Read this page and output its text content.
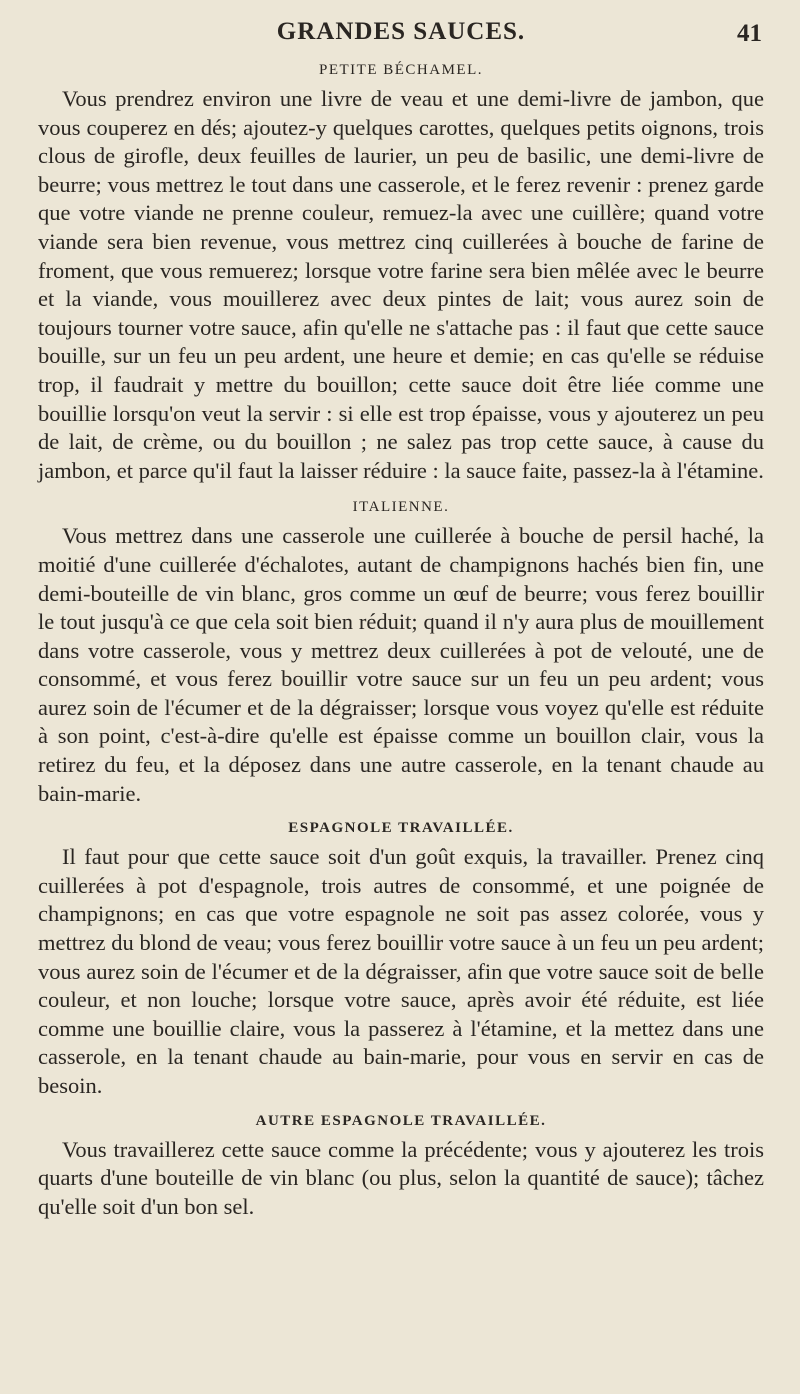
GRANDES SAUCES.	41
PETITE BÉCHAMEL.

Vous prendrez environ une livre de veau et une demi-livre de jambon, que vous couperez en dés; ajoutez-y quelques carottes, quelques petits oignons, trois clous de girofle, deux feuilles de laurier, un peu de basilic, une demi-livre de beurre; vous mettrez le tout dans une casserole, et le ferez revenir : prenez garde que votre viande ne prenne couleur, remuez-la avec une cuillère; quand votre viande sera bien revenue, vous mettrez cinq cuillerées à bouche de farine de froment, que vous remuerez; lorsque votre farine sera bien mêlée avec le beurre et la viande, vous mouillerez avec deux pintes de lait; vous aurez soin de toujours tourner votre sauce, afin qu'elle ne s'attache pas : il faut que cette sauce bouille, sur un feu un peu ardent, une heure et demie; en cas qu'elle se réduise trop, il faudrait y mettre du bouillon; cette sauce doit être liée comme une bouillie lorsqu'on veut la servir : si elle est trop épaisse, vous y ajouterez un peu de lait, de crème, ou du bouillon ; ne salez pas trop cette sauce, à cause du jambon, et parce qu'il faut la laisser réduire : la sauce faite, passez-la à l'étamine.

ITALIENNE.

Vous mettrez dans une casserole une cuillerée à bouche de persil haché, la moitié d'une cuillerée d'échalotes, autant de champignons hachés bien fin, une demi-bouteille de vin blanc, gros comme un œuf de beurre; vous ferez bouillir le tout jusqu'à ce que cela soit bien réduit; quand il n'y aura plus de mouillement dans votre casserole, vous y mettrez deux cuillerées à pot de velouté, une de consommé, et vous ferez bouillir votre sauce sur un feu un peu ardent; vous aurez soin de l'écumer et de la dégraisser; lorsque vous voyez qu'elle est réduite à son point, c'est-à-dire qu'elle est épaisse comme un bouillon clair, vous la retirez du feu, et la déposez dans une autre casserole, en la tenant chaude au bain-marie.

ESPAGNOLE TRAVAILLÉE.

Il faut pour que cette sauce soit d'un goût exquis, la travailler. Prenez cinq cuillerées à pot d'espagnole, trois autres de consommé, et une poignée de champignons; en cas que votre espagnole ne soit pas assez colorée, vous y mettrez du blond de veau; vous ferez bouillir votre sauce à un feu un peu ardent; vous aurez soin de l'écumer et de la dégraisser, afin que votre sauce soit de belle couleur, et non louche; lorsque votre sauce, après avoir été réduite, est liée comme une bouillie claire, vous la passerez à l'étamine, et la mettez dans une casserole, en la tenant chaude au bain-marie, pour vous en servir en cas de besoin.

AUTRE ESPAGNOLE TRAVAILLÉE.

Vous travaillerez cette sauce comme la précédente; vous y ajouterez les trois quarts d'une bouteille de vin blanc (ou plus, selon la quantité de sauce); tâchez qu'elle soit d'un bon sel.
